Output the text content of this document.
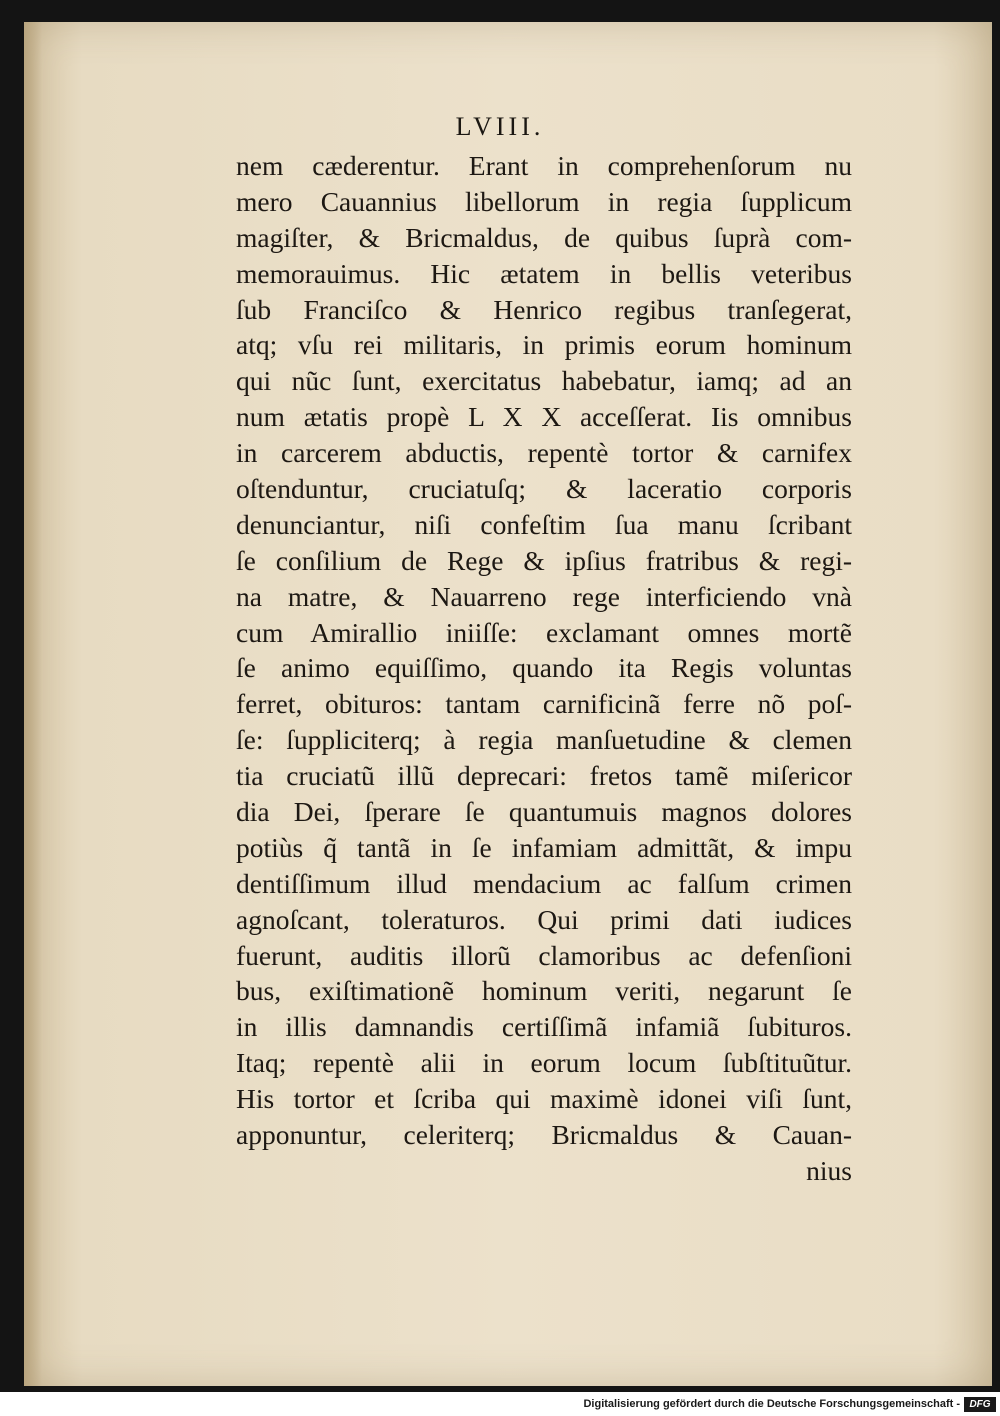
LVIII.
nem cæderentur. Erant in comprehenſorum nu
mero Cauannius libellorum in regia ſupplicum
magiſter, & Bricmaldus, de quibus ſuprà com-
memorauimus. Hic ætatem in bellis veteribus
ſub Franciſco & Henrico regibus tranſegerat,
atq; vſu rei militaris, in primis eorum hominum
qui nũc ſunt, exercitatus habebatur, iamq; ad an
num ætatis propè L X X acceſſerat. Iis omnibus
in carcerem abductis, repentè tortor & carnifex
oſtenduntur, cruciatuſq; & laceratio corporis
denunciantur, niſi confeſtim ſua manu ſcribant
ſe conſilium de Rege & ipſius fratribus & regi-
na matre, & Nauarreno rege interficiendo vnà
cum Amirallio iniiſſe: exclamant omnes mortẽ
ſe animo equiſſimo, quando ita Regis voluntas
ferret, obituros: tantam carnificinã ferre nõ poſ-
ſe: ſuppliciterq; à regia manſuetudine & clemen
tia cruciatũ illũ deprecari: fretos tamẽ miſericor
dia Dei, ſperare ſe quantumuis magnos dolores
potiùs q̃ tantã in ſe infamiam admittãt, & impu
dentiſſimum illud mendacium ac falſum crimen
agnoſcant, toleraturos. Qui primi dati iudices
fuerunt, auditis illorũ clamoribus ac defenſioni
bus, exiſtimationẽ hominum veriti, negarunt ſe
in illis damnandis certiſſimã infamiã ſubituros.
Itaq; repentè alii in eorum locum ſubſtituũtur.
His tortor et ſcriba qui maximè idonei viſi ſunt,
apponuntur, celeriterq; Bricmaldus & Cauan-
nius
Digitalisierung gefördert durch die Deutsche Forschungsgemeinschaft - DFG
